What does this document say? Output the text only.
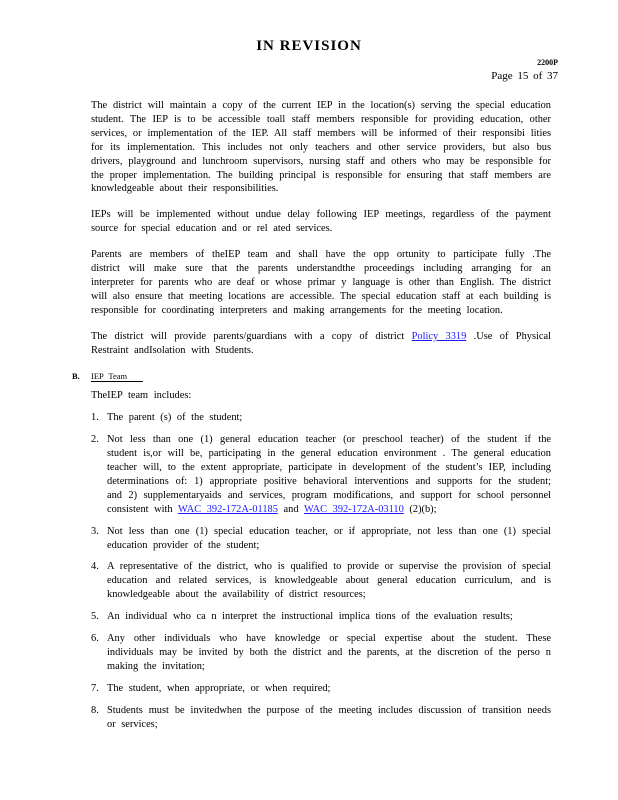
IN REVISION
2200P
Page 15 of 37

The district will maintain a copy of the current IEP in the location(s) serving the special education student. The IEP is to be accessible toall staff members responsible for providing education, other services, or implementation of the IEP. All staff members will be informed of their responsibi lities for its implementation. This includes not only teachers and other service providers, but also bus drivers, playground and lunchroom supervisors, nursing staff and others who may be responsible for the proper implementation. The building principal is responsible for ensuring that staff members are knowledgeable about their responsibilities.

IEPs will be implemented without undue delay following IEP meetings, regardless of the payment source for special education and or rel ated services.

Parents are members of theIEP team and shall have the opp ortunity to participate fully .The district will make sure that the parents understandthe proceedings including arranging for an interpreter for parents who are deaf or whose primar y language is other than English. The district will also ensure that meeting locations are accessible. The special education staff at each building is responsible for coordinating interpreters and making arrangements for the meeting location.

The district will provide parents/guardians with a copy of district Policy 3319 .Use of Physical Restraint andIsolation with Students.

B. IEP Team
TheIEP team includes:
1. The parent (s) of the student;
2. Not less than one (1) general education teacher (or preschool teacher) of the student if the student is,or will be, participating in the general education environment . The general education teacher will, to the extent appropriate, participate in development of the student’s IEP, including determinations of: 1) appropriate positive behavioral interventions and supports for the student; and 2) supplementaryaids and services, program modifications, and support for school personnel consistent with WAC 392-172A-01185 and WAC 392-172A-03110 (2)(b);
3. Not less than one (1) special education teacher, or if appropriate, not less than one (1) special education provider of the student;
4. A representative of the district, who is qualified to provide or supervise the provision of special education and related services, is knowledgeable about general education curriculum, and is knowledgeable about the availability of district resources;
5. An individual who ca n interpret the instructional implica tions of the evaluation results;
6. Any other individuals who have knowledge or special expertise about the student. These individuals may be invited by both the district and the parents, at the discretion of the perso n making the invitation;
7. The student, when appropriate, or when required;
8. Students must be invitedwhen the purpose of the meeting includes discussion of transition needs or services;
